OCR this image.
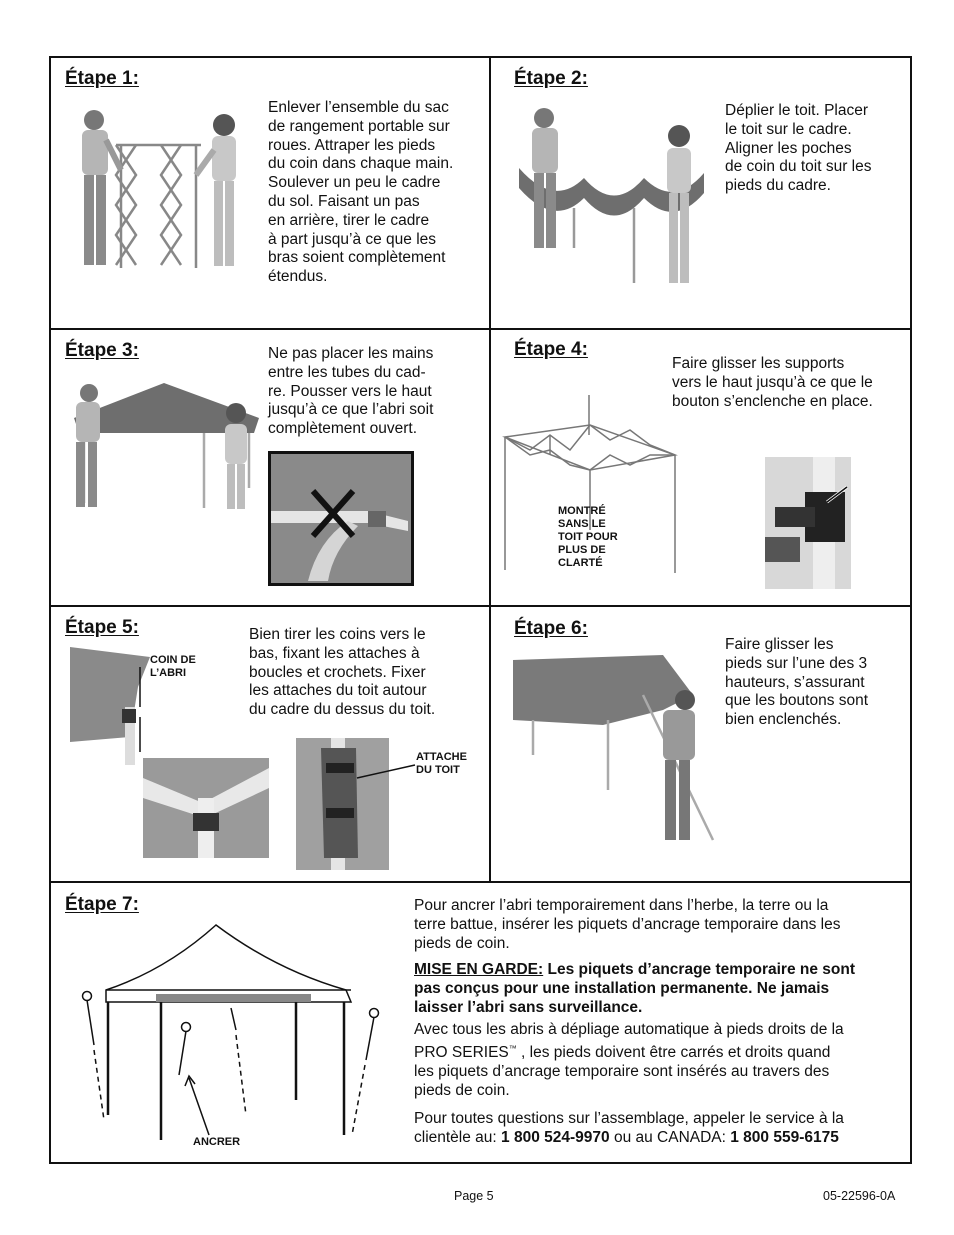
Étape 1:
Enlever l’ensemble du sac
de rangement portable sur
roues. Attraper les pieds
du coin dans chaque main.
Soulever un peu le cadre
du sol. Faisant un pas
en arrière, tirer le cadre
à part jusqu’à ce que les
bras soient complètement
étendus.
Étape 2:
Déplier le toit. Placer
le toit sur le cadre.
Aligner les poches
de coin du toit sur les
pieds du cadre.
Étape 3:	Ne pas placer les mains
entre les tubes du cad-
re. Pousser vers le haut
jusqu’à ce que l’abri soit
complètement ouvert.
Étape 4:
Faire glisser les supports
vers le haut jusqu’à ce que le
bouton s’enclenche en place.
MONTRÉ
SANS LE
TOIT POUR
PLUS DE
CLARTÉ
Étape 5:	Bien tirer les coins vers le
bas, fixant les attaches à
boucles et crochets. Fixer
les attaches du toit autour
du cadre du dessus du toit.
COIN DE
L’ABRI
ATTACHE
DU TOIT
Étape 6:
Faire glisser les
pieds sur l’une des 3
hauteurs, s’assurant
que les boutons sont
bien enclenchés.
Étape 7:
ANCRER
Pour ancrer l’abri temporairement dans l’herbe, la terre ou la
terre battue, insérer les piquets d’ancrage temporaire dans les
pieds de coin.
MISE EN GARDE: Les piquets d’ancrage temporaire ne sont
pas conçus pour une installation permanente. Ne jamais
laisser l’abri sans surveillance.
Avec tous les abris à dépliage automatique à pieds droits de la
PRO SERIES™ , les pieds doivent être carrés et droits quand
les piquets d’ancrage temporaire sont insérés au travers des
pieds de coin.
Pour toutes questions sur l’assemblage, appeler le service à la
clientèle au: 1 800 524-9970 ou au CANADA: 1 800 559-6175
Page 5	05-22596-0A
